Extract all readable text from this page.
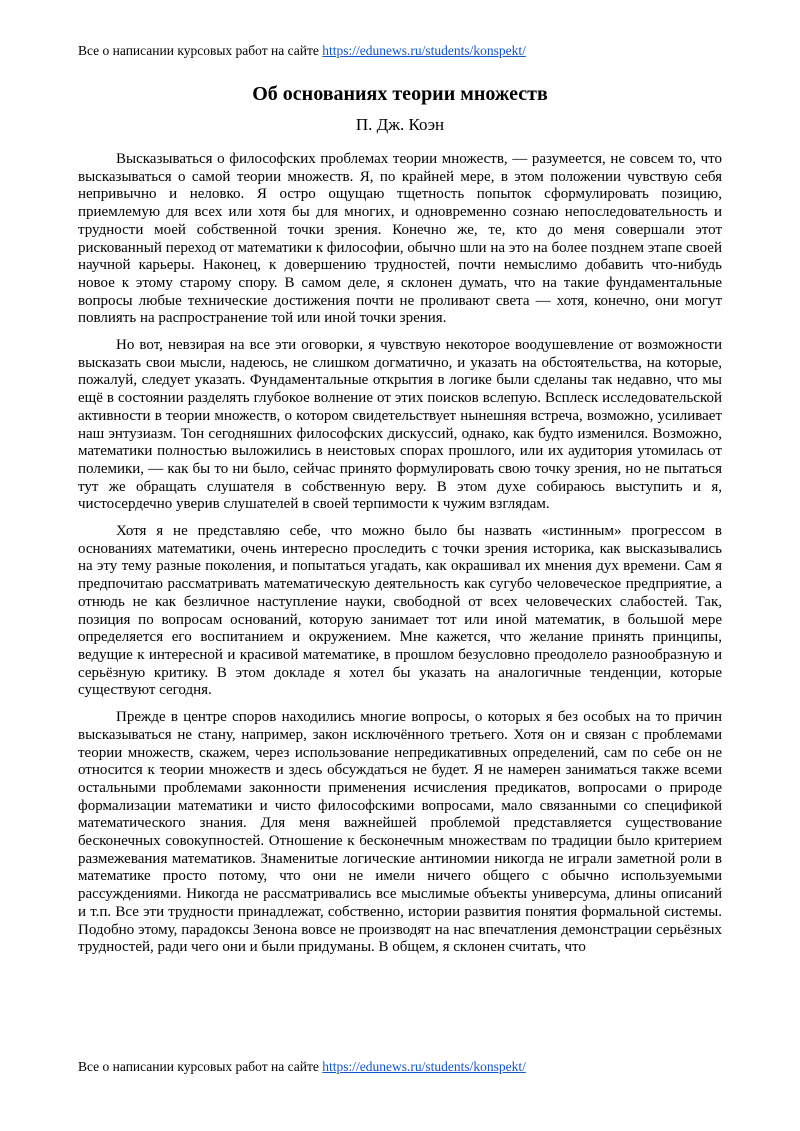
Все о написании курсовых работ на сайте https://edunews.ru/students/konspekt/
Об основаниях теории множеств
П. Дж. Коэн

Высказываться о философских проблемах теории множеств, — разумеется, не совсем то, что высказываться о самой теории множеств. Я, по крайней мере, в этом положении чувствую себя непривычно и неловко. Я остро ощущаю тщетность попыток сформулировать позицию, приемлемую для всех или хотя бы для многих, и одновременно сознаю непоследовательность и трудности моей собственной точки зрения. Конечно же, те, кто до меня совершали этот рискованный переход от математики к философии, обычно шли на это на более позднем этапе своей научной карьеры. Наконец, к довершению трудностей, почти немыслимо добавить что-нибудь новое к этому старому спору. В самом деле, я склонен думать, что на такие фундаментальные вопросы любые технические достижения почти не проливают света — хотя, конечно, они могут повлиять на распространение той или иной точки зрения.

Но вот, невзирая на все эти оговорки, я чувствую некоторое воодушевление от возможности высказать свои мысли, надеюсь, не слишком догматично, и указать на обстоятельства, на которые, пожалуй, следует указать. Фундаментальные открытия в логике были сделаны так недавно, что мы ещё в состоянии разделять глубокое волнение от этих поисков вслепую. Всплеск исследовательской активности в теории множеств, о котором свидетельствует нынешняя встреча, возможно, усиливает наш энтузиазм. Тон сегодняшних философских дискуссий, однако, как будто изменился. Возможно, математики полностью выложились в неистовых спорах прошлого, или их аудитория утомилась от полемики, — как бы то ни было, сейчас принято формулировать свою точку зрения, но не пытаться тут же обращать слушателя в собственную веру. В этом духе собираюсь выступить и я, чистосердечно уверив слушателей в своей терпимости к чужим взглядам.

Хотя я не представляю себе, что можно было бы назвать «истинным» прогрессом в основаниях математики, очень интересно проследить с точки зрения историка, как высказывались на эту тему разные поколения, и попытаться угадать, как окрашивал их мнения дух времени. Сам я предпочитаю рассматривать математическую деятельность как сугубо человеческое предприятие, а отнюдь не как безличное наступление науки, свободной от всех человеческих слабостей. Так, позиция по вопросам оснований, которую занимает тот или иной математик, в большой мере определяется его воспитанием и окружением. Мне кажется, что желание принять принципы, ведущие к интересной и красивой математике, в прошлом безусловно преодолело разнообразную и серьёзную критику. В этом докладе я хотел бы указать на аналогичные тенденции, которые существуют сегодня.

Прежде в центре споров находились многие вопросы, о которых я без особых на то причин высказываться не стану, например, закон исключённого третьего. Хотя он и связан с проблемами теории множеств, скажем, через использование непредикативных определений, сам по себе он не относится к теории множеств и здесь обсуждаться не будет. Я не намерен заниматься также всеми остальными проблемами законности применения исчисления предикатов, вопросами о природе формализации математики и чисто философскими вопросами, мало связанными со спецификой математического знания. Для меня важнейшей проблемой представляется существование бесконечных совокупностей. Отношение к бесконечным множествам по традиции было критерием размежевания математиков. Знаменитые логические антиномии никогда не играли заметной роли в математике просто потому, что они не имели ничего общего с обычно используемыми рассуждениями. Никогда не рассматривались все мыслимые объекты универсума, длины описаний и т.п. Все эти трудности принадлежат, собственно, истории развития понятия формальной системы. Подобно этому, парадоксы Зенона вовсе не производят на нас впечатления демонстрации серьёзных трудностей, ради чего они и были придуманы. В общем, я склонен считать, что

Все о написании курсовых работ на сайте https://edunews.ru/students/konspekt/
